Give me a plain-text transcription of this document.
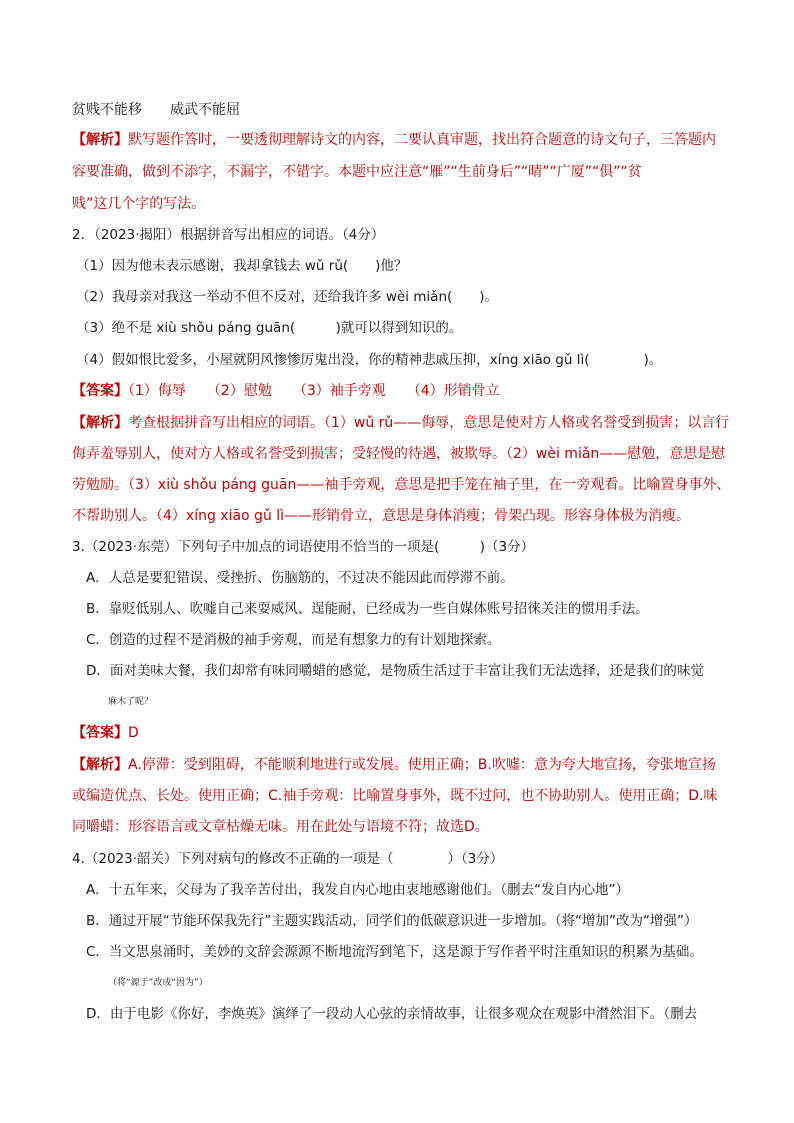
贫贱不能移　　威武不能屈
【解析】默写题作答时，一要透彻理解诗文的内容，二要认真审题，找出符合题意的诗文句子，三答题内
容要准确，做到不添字，不漏字，不错字。本题中应注意“雁”“生前身后”“晴”“广厦”“俱”“贫
贱”这几个字的写法。
2．（2023·揭阳）根据拼音写出相应的词语。（4分）
（1）因为他未表示感谢，我却拿钱去 wǔ rǔ(　　)他？
（2）我母亲对我这一举动不但不反对，还给我许多 wèi miǎn(　　)。
（3）绝不是 xiù shǒu páng guān(　　　)就可以得到知识的。
（4）假如恨比爱多，小屋就阴风惨惨厉鬼出没，你的精神悲戚压抑，xíng xiāo gǔ lì(　　　　)。
【答案】（1）侮辱　　（2）慰勉　　（3）袖手旁观　　（4）形销骨立
【解析】考查根据拼音写出相应的词语。（1）wǔ rǔ——侮辱，意思是使对方人格或名誉受到损害；以言行
侮弄羞辱别人，使对方人格或名誉受到损害；受轻慢的待遇，被欺辱。（2）wèi miǎn——慰勉，意思是慰
劳勉励。（3）xiù shǒu páng guān——袖手旁观，意思是把手笼在袖子里，在一旁观看。比喻置身事外、
不帮助别人。（4）xíng xiāo gǔ lì——形销骨立，意思是身体消瘦；骨架凸现。形容身体极为消瘦。
3.（2023·东莞）下列句子中加点的词语使用不恰当的一项是(　　　)（3分）
A．人总是要犯错误、受挫折、伤脑筋的，不过决不能因此而停滞不前。
B．靠贬低别人、吹嘘自己来耍威风、逞能耐，已经成为一些自媒体账号招徕关注的惯用手法。
C．创造的过程不是消极的袖手旁观，而是有想象力的有计划地探索。
D．面对美味大餐，我们却常有味同嚼蜡的感觉，是物质生活过于丰富让我们无法选择，还是我们的味觉
麻木了呢？
【答案】D
【解析】A.停滞：受到阻碍，不能顺利地进行或发展。使用正确；B.吹嘘：意为夸大地宣扬，夸张地宣扬
或编造优点、长处。使用正确；C.袖手旁观：比喻置身事外，既不过问，也不协助别人。使用正确；D.味
同嚼蜡：形容语言或文章枯燥无味。用在此处与语境不符；故选D。
4.（2023·韶关）下列对病句的修改不正确的一项是（　　　　）（3分）
A．十五年来，父母为了我辛苦付出，我发自内心地由衷地感谢他们。（删去“发自内心地”）
B．通过开展“节能环保我先行”主题实践活动，同学们的低碳意识进一步增加。（将“增加”改为“增强”）
C．当文思泉涌时，美妙的文辞会源源不断地流泻到笔下，这是源于写作者平时注重知识的积累为基础。
（将“源于”改成“因为”）
D．由于电影《你好，李焕英》演绎了一段动人心弦的亲情故事，让很多观众在观影中潸然泪下。（删去
